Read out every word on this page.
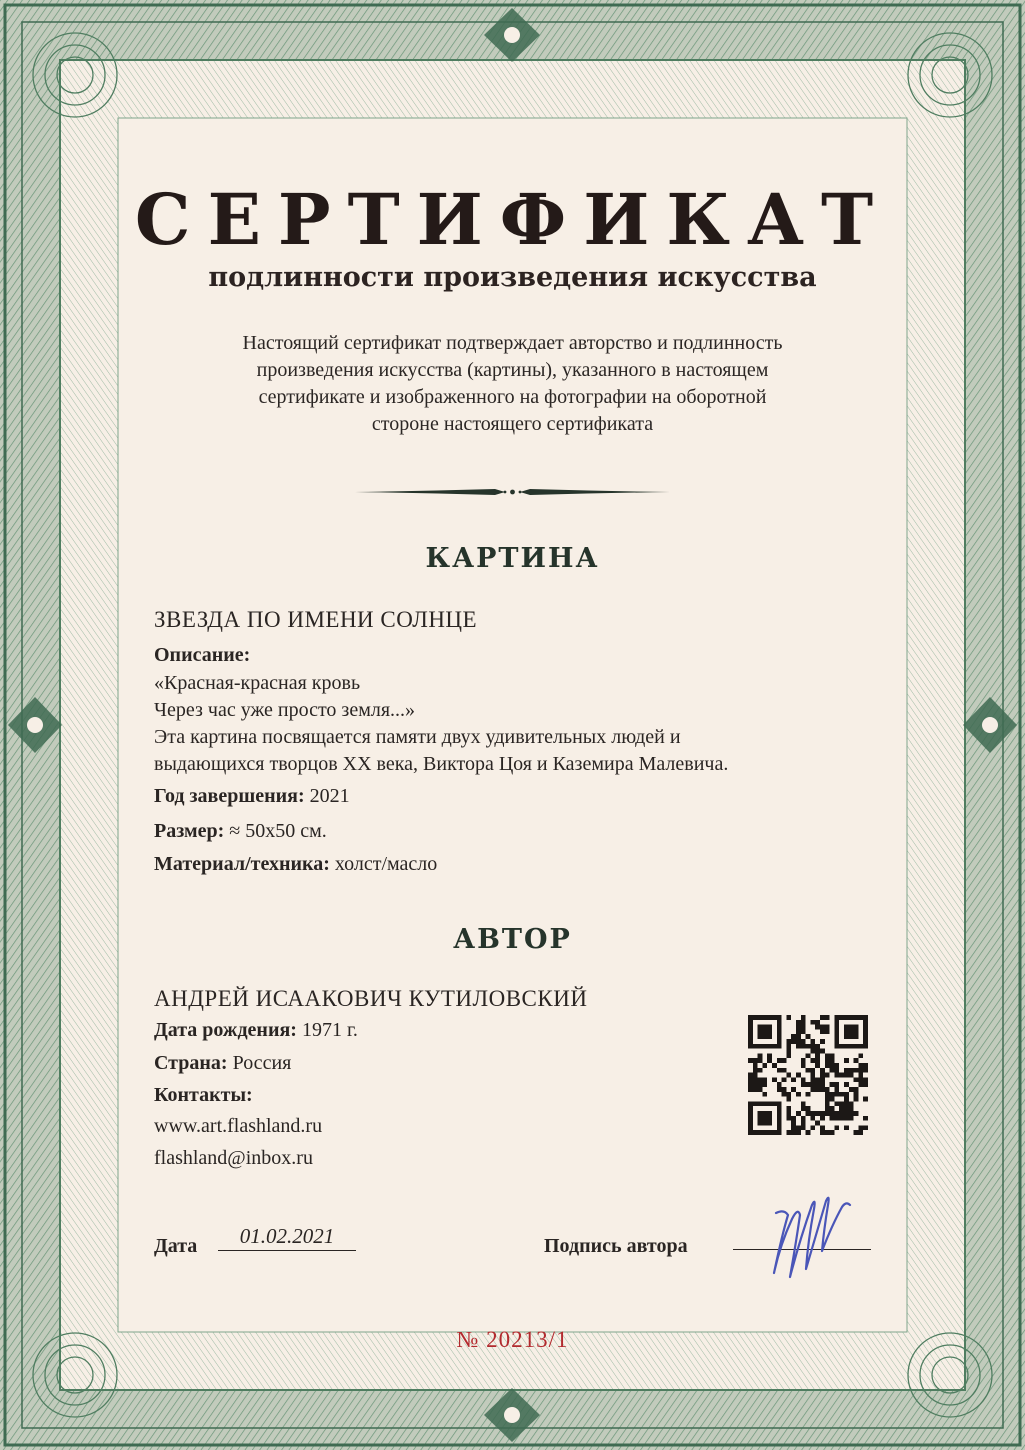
СЕРТИФИКАТ
подлинности произведения искусства
Настоящий сертификат подтверждает авторство и подлинность
произведения искусства (картины), указанного в настоящем
сертификате и изображенного на фотографии на оборотной
стороне настоящего сертификата
КАРТИНА
ЗВЕЗДА ПО ИМЕНИ СОЛНЦЕ
Описание:
«Красная-красная кровь
Через час уже просто земля...»
Эта картина посвящается памяти двух удивительных людей и
выдающихся творцов XX века, Виктора Цоя и Каземира Малевича.
Год завершения: 2021
Размер: ≈ 50х50 см.
Материал/техника: холст/масло
АВТОР
АНДРЕЙ ИСААКОВИЧ КУТИЛОВСКИЙ
Дата рождения: 1971 г.
Страна: Россия
Контакты:
www.art.flashland.ru
flashland@inbox.ru
Дата	01.02.2021	Подпись автора
№ 20213/1
